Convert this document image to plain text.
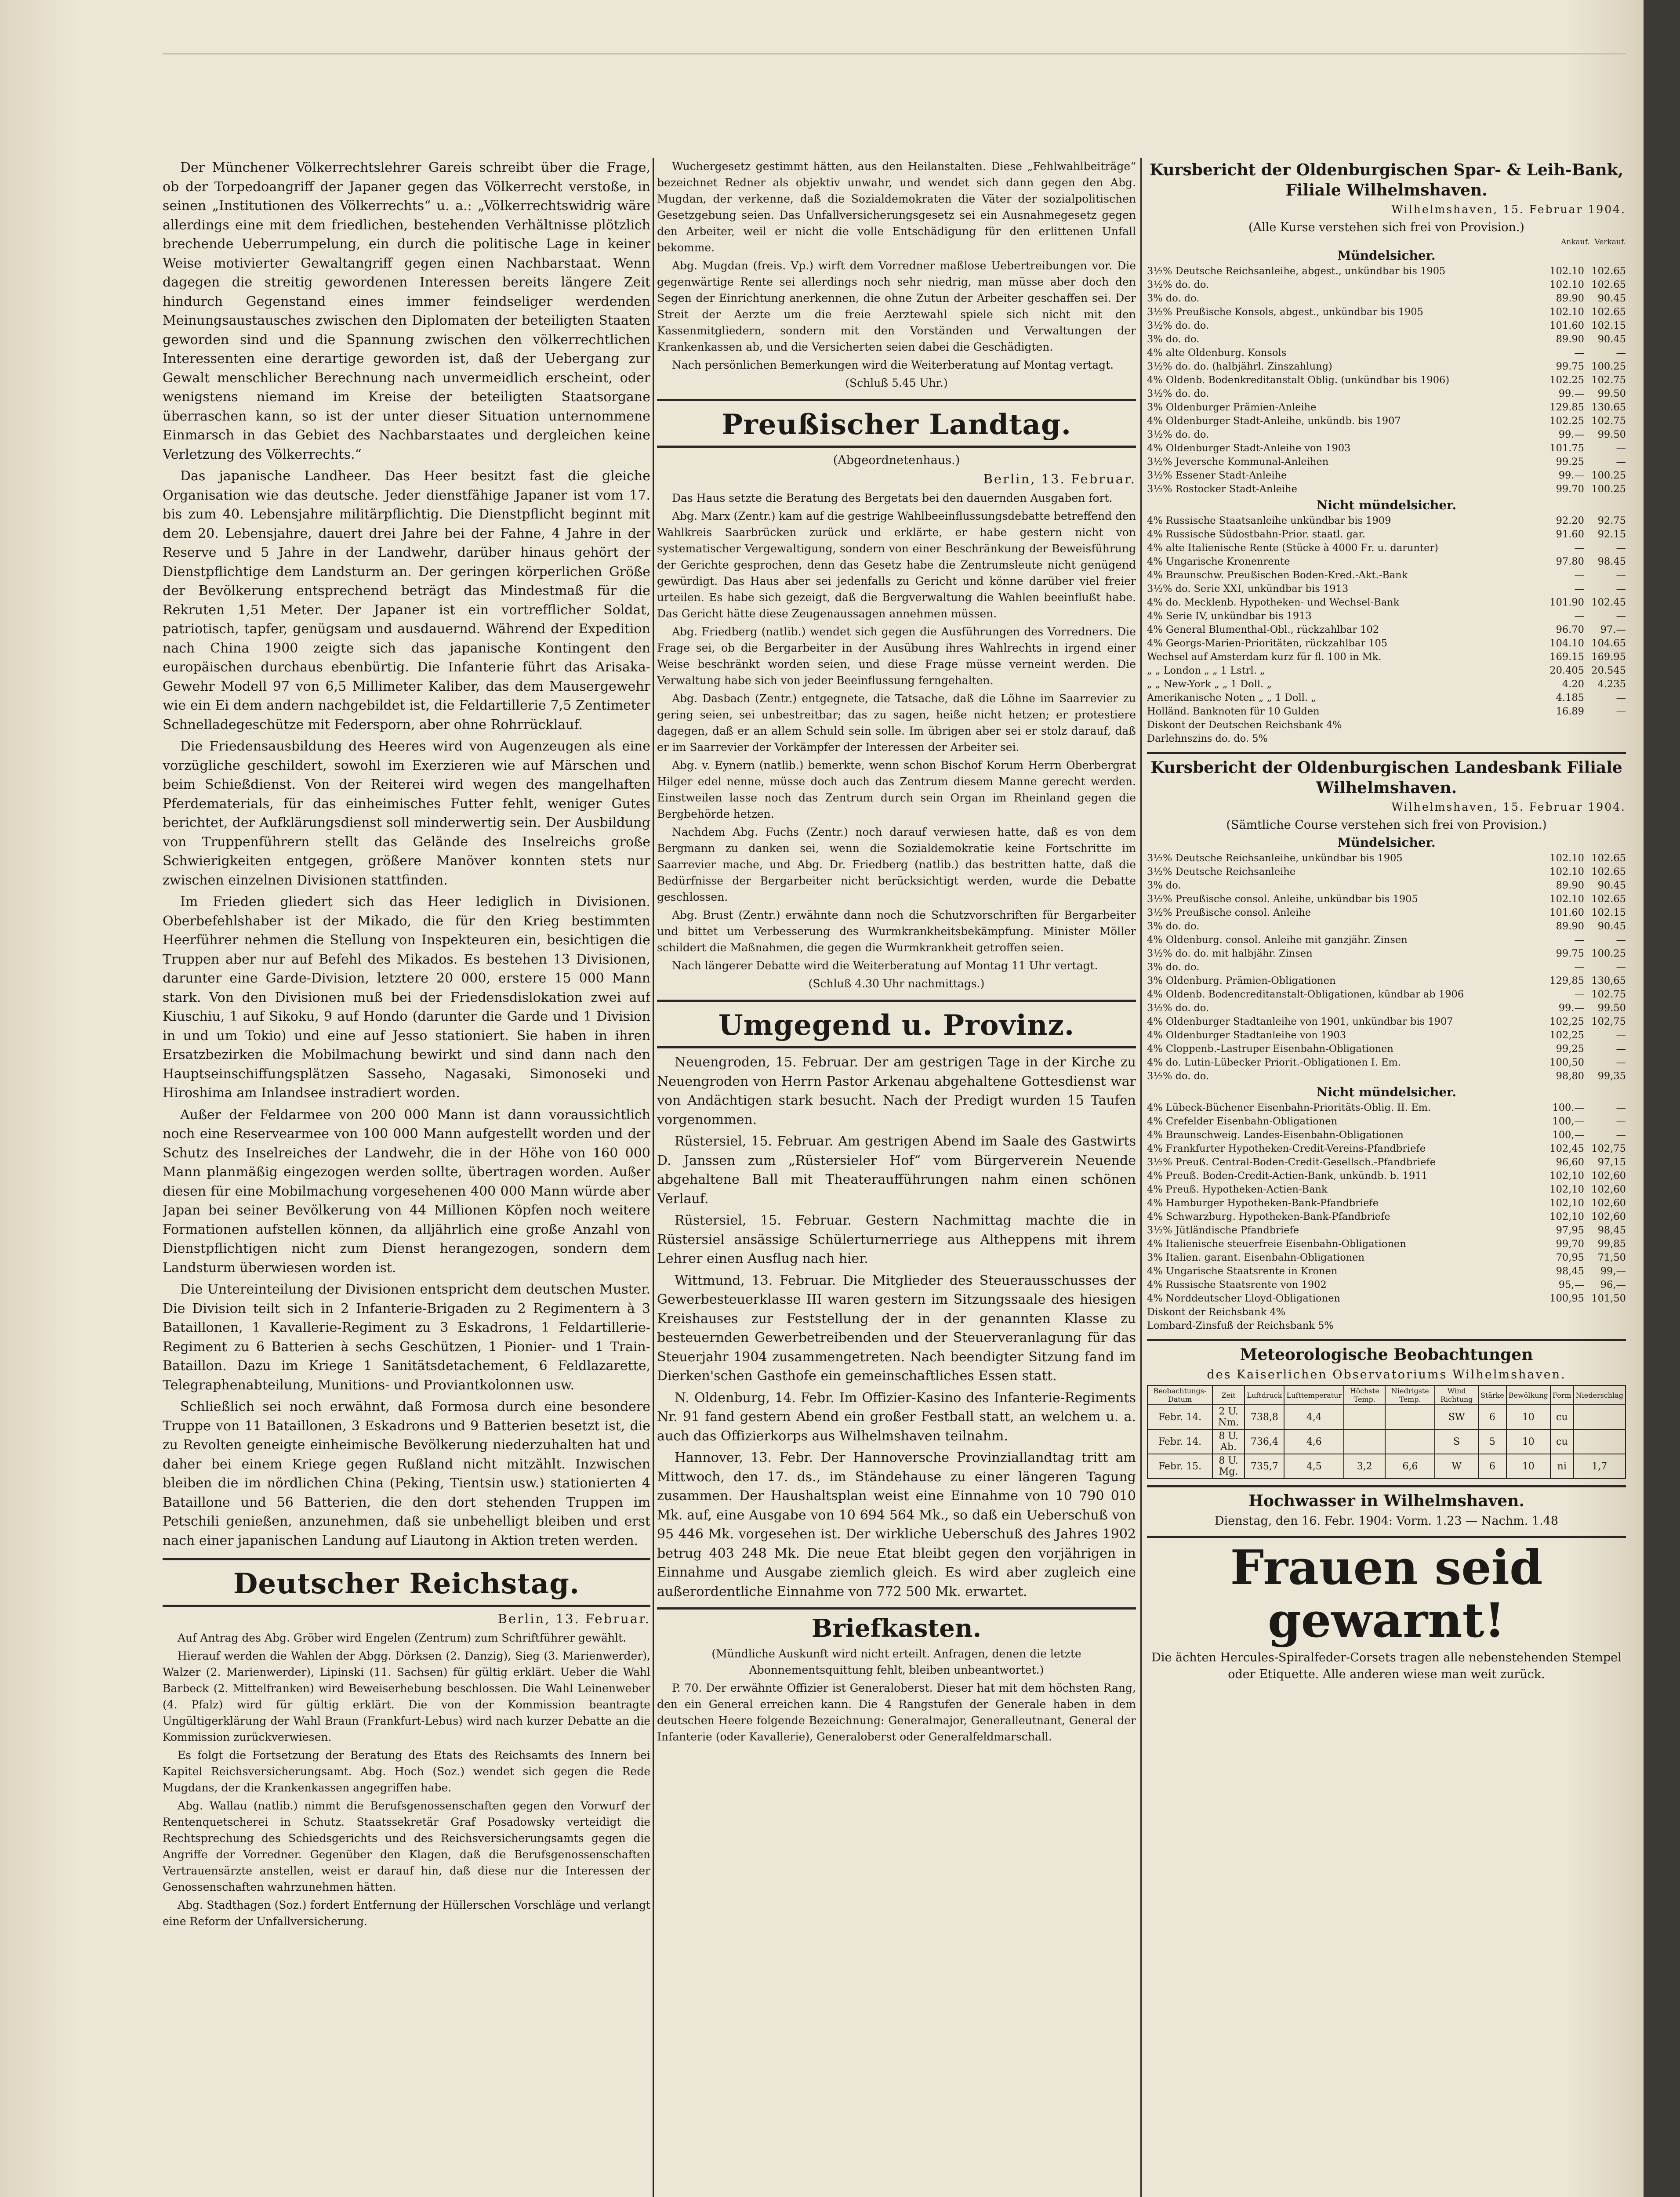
Der Münchener Völkerrechtslehrer Gareis schreibt über die Frage, ob der Torpedoangriff der Japaner gegen das Völkerrecht verstoße, in seinen „Institutionen des Völkerrechts“ u. a.: „Völkerrechtswidrig wäre allerdings eine mit dem friedlichen, bestehenden Verhältnisse plötzlich brechende Ueberrumpelung, ein durch die politische Lage in keiner Weise motivierter Gewaltangriff gegen einen Nachbarstaat. Wenn dagegen die streitig gewordenen Interessen bereits längere Zeit hindurch Gegenstand eines immer feindseliger werdenden Meinungsaustausches zwischen den Diplomaten der beteiligten Staaten geworden sind und die Spannung zwischen den völkerrechtlichen Interessenten eine derartige geworden ist, daß der Uebergang zur Gewalt menschlicher Berechnung nach unvermeidlich erscheint, oder wenigstens niemand im Kreise der beteiligten Staatsorgane überraschen kann, so ist der unter dieser Situation unternommene Einmarsch in das Gebiet des Nachbarstaates und dergleichen keine Verletzung des Völkerrechts.“

Das japanische Landheer. Das Heer besitzt fast die gleiche Organisation wie das deutsche. Jeder dienstfähige Japaner ist vom 17. bis zum 40. Lebensjahre militärpflichtig. Die Dienstpflicht beginnt mit dem 20. Lebensjahre, dauert drei Jahre bei der Fahne, 4 Jahre in der Reserve und 5 Jahre in der Landwehr, darüber hinaus gehört der Dienstpflichtige dem Landsturm an. Der geringen körperlichen Größe der Bevölkerung entsprechend beträgt das Mindestmaß für die Rekruten 1,51 Meter. Der Japaner ist ein vortrefflicher Soldat, patriotisch, tapfer, genügsam und ausdauernd. Während der Expedition nach China 1900 zeigte sich das japanische Kontingent den europäischen durchaus ebenbürtig. Die Infanterie führt das Arisaka-Gewehr Modell 97 von 6,5 Millimeter Kaliber, das dem Mausergewehr wie ein Ei dem andern nachgebildet ist, die Feldartillerie 7,5 Zentimeter Schnelladegeschütze mit Federsporn, aber ohne Rohrrücklauf.

Die Friedensausbildung des Heeres wird von Augenzeugen als eine vorzügliche geschildert, sowohl im Exerzieren wie auf Märschen und beim Schießdienst. Von der Reiterei wird wegen des mangelhaften Pferdematerials, für das einheimisches Futter fehlt, weniger Gutes berichtet, der Aufklärungsdienst soll minderwertig sein. Der Ausbildung von Truppenführern stellt das Gelände des Inselreichs große Schwierigkeiten entgegen, größere Manöver konnten stets nur zwischen einzelnen Divisionen stattfinden.

Im Frieden gliedert sich das Heer lediglich in Divisionen. Oberbefehlshaber ist der Mikado, die für den Krieg bestimmten Heerführer nehmen die Stellung von Inspekteuren ein, besichtigen die Truppen aber nur auf Befehl des Mikados. Es bestehen 13 Divisionen, darunter eine Garde-Division, letztere 20 000, erstere 15 000 Mann stark. Von den Divisionen muß bei der Friedensdislokation zwei auf Kiuschiu, 1 auf Sikoku, 9 auf Hondo (darunter die Garde und 1 Division in und um Tokio) und eine auf Jesso stationiert. Sie haben in ihren Ersatzbezirken die Mobilmachung bewirkt und sind dann nach den Hauptseinschiffungsplätzen Sasseho, Nagasaki, Simonoseki und Hiroshima am Inlandsee instradiert worden.

Außer der Feldarmee von 200 000 Mann ist dann voraussichtlich noch eine Reservearmee von 100 000 Mann aufgestellt worden und der Schutz des Inselreiches der Landwehr, die in der Höhe von 160 000 Mann planmäßig eingezogen werden sollte, übertragen worden. Außer diesen für eine Mobilmachung vorgesehenen 400 000 Mann würde aber Japan bei seiner Bevölkerung von 44 Millionen Köpfen noch weitere Formationen aufstellen können, da alljährlich eine große Anzahl von Dienstpflichtigen nicht zum Dienst herangezogen, sondern dem Landsturm überwiesen worden ist.

Die Untereinteilung der Divisionen entspricht dem deutschen Muster. Die Division teilt sich in 2 Infanterie-Brigaden zu 2 Regimentern à 3 Bataillonen, 1 Kavallerie-Regiment zu 3 Eskadrons, 1 Feldartillerie-Regiment zu 6 Batterien à sechs Geschützen, 1 Pionier- und 1 Train-Bataillon. Dazu im Kriege 1 Sanitätsdetachement, 6 Feldlazarette, Telegraphenabteilung, Munitions- und Proviantkolonnen usw.

Schließlich sei noch erwähnt, daß Formosa durch eine besondere Truppe von 11 Bataillonen, 3 Eskadrons und 9 Batterien besetzt ist, die zu Revolten geneigte einheimische Bevölkerung niederzuhalten hat und daher bei einem Kriege gegen Rußland nicht mitzählt. Inzwischen bleiben die im nördlichen China (Peking, Tientsin usw.) stationierten 4 Bataillone und 56 Batterien, die den dort stehenden Truppen im Petschili genießen, anzunehmen, daß sie unbehelligt bleiben und erst nach einer japanischen Landung auf Liautong in Aktion treten werden.

Deutscher Reichstag.
Berlin, 13. Februar.

Auf Antrag des Abg. Gröber wird Engelen (Zentrum) zum Schriftführer gewählt.

Hierauf werden die Wahlen der Abgg. Dörksen (2. Danzig), Sieg (3. Marienwerder), Walzer (2. Marienwerder), Lipinski (11. Sachsen) für gültig erklärt. Ueber die Wahl Barbeck (2. Mittelfranken) wird Beweiserhebung beschlossen. Die Wahl Leinenweber (4. Pfalz) wird für gültig erklärt. Die von der Kommission beantragte Ungültigerklärung der Wahl Braun (Frankfurt-Lebus) wird nach kurzer Debatte an die Kommission zurückverwiesen.

Es folgt die Fortsetzung der Beratung des Etats des Reichsamts des Innern bei Kapitel Reichsversicherungsamt. Abg. Hoch (Soz.) wendet sich gegen die Rede Mugdans, der die Krankenkassen angegriffen habe.

Abg. Wallau (natlib.) nimmt die Berufsgenossenschaften gegen den Vorwurf der Rentenquetscherei in Schutz. Staatssekretär Graf Posadowsky verteidigt die Rechtsprechung des Schiedsgerichts und des Reichsversicherungsamts gegen die Angriffe der Vorredner. Gegenüber den Klagen, daß die Berufsgenossenschaften Vertrauensärzte anstellen, weist er darauf hin, daß diese nur die Interessen der Genossenschaften wahrzunehmen hätten.

Abg. Stadthagen (Soz.) fordert Entfernung der Hüllerschen Vorschläge und verlangt eine Reform der Unfallversicherung.

Wuchergesetz gestimmt hätten, aus den Heilanstalten. Diese „Fehlwahlbeiträge“ bezeichnet Redner als objektiv unwahr, und wendet sich dann gegen den Abg. Mugdan, der verkenne, daß die Sozialdemokraten die Väter der sozialpolitischen Gesetzgebung seien. Das Unfallversicherungsgesetz sei ein Ausnahmegesetz gegen den Arbeiter, weil er nicht die volle Entschädigung für den erlittenen Unfall bekomme.

Abg. Mugdan (freis. Vp.) wirft dem Vorredner maßlose Uebertreibungen vor. Die gegenwärtige Rente sei allerdings noch sehr niedrig, man müsse aber doch den Segen der Einrichtung anerkennen, die ohne Zutun der Arbeiter geschaffen sei. Der Streit der Aerzte um die freie Aerztewahl spiele sich nicht mit den Kassenmitgliedern, sondern mit den Vorständen und Verwaltungen der Krankenkassen ab, und die Versicherten seien dabei die Geschädigten.

Nach persönlichen Bemerkungen wird die Weiterberatung auf Montag vertagt.

(Schluß 5.45 Uhr.)

Preußischer Landtag.
(Abgeordnetenhaus.)
Berlin, 13. Februar.

Das Haus setzte die Beratung des Bergetats bei den dauernden Ausgaben fort.

Abg. Marx (Zentr.) kam auf die gestrige Wahlbeeinflussungsdebatte betreffend den Wahlkreis Saarbrücken zurück und erklärte, er habe gestern nicht von systematischer Vergewaltigung, sondern von einer Beschränkung der Beweisführung der Gerichte gesprochen, denn das Gesetz habe die Zentrumsleute nicht genügend gewürdigt. Das Haus aber sei jedenfalls zu Gericht und könne darüber viel freier urteilen. Es habe sich gezeigt, daß die Bergverwaltung die Wahlen beeinflußt habe. Das Gericht hätte diese Zeugenaussagen annehmen müssen.

Abg. Friedberg (natlib.) wendet sich gegen die Ausführungen des Vorredners. Die Frage sei, ob die Bergarbeiter in der Ausübung ihres Wahlrechts in irgend einer Weise beschränkt worden seien, und diese Frage müsse verneint werden. Die Verwaltung habe sich von jeder Beeinflussung ferngehalten.

Abg. Dasbach (Zentr.) entgegnete, die Tatsache, daß die Löhne im Saarrevier zu gering seien, sei unbestreitbar; das zu sagen, heiße nicht hetzen; er protestiere dagegen, daß er an allem Schuld sein solle. Im übrigen aber sei er stolz darauf, daß er im Saarrevier der Vorkämpfer der Interessen der Arbeiter sei.

Abg. v. Eynern (natlib.) bemerkte, wenn schon Bischof Korum Herrn Oberbergrat Hilger edel nenne, müsse doch auch das Zentrum diesem Manne gerecht werden. Einstweilen lasse noch das Zentrum durch sein Organ im Rheinland gegen die Bergbehörde hetzen.

Nachdem Abg. Fuchs (Zentr.) noch darauf verwiesen hatte, daß es von dem Bergmann zu danken sei, wenn die Sozialdemokratie keine Fortschritte im Saarrevier mache, und Abg. Dr. Friedberg (natlib.) das bestritten hatte, daß die Bedürfnisse der Bergarbeiter nicht berücksichtigt werden, wurde die Debatte geschlossen.

Abg. Brust (Zentr.) erwähnte dann noch die Schutzvorschriften für Bergarbeiter und bittet um Verbesserung des Wurmkrankheitsbekämpfung. Minister Möller schildert die Maßnahmen, die gegen die Wurmkrankheit getroffen seien.

Nach längerer Debatte wird die Weiterberatung auf Montag 11 Uhr vertagt.

(Schluß 4.30 Uhr nachmittags.)

Umgegend u. Provinz.

Neuengroden, 15. Februar. Der am gestrigen Tage in der Kirche zu Neuengroden von Herrn Pastor Arkenau abgehaltene Gottesdienst war von Andächtigen stark besucht. Nach der Predigt wurden 15 Taufen vorgenommen.

Rüstersiel, 15. Februar. Am gestrigen Abend im Saale des Gastwirts D. Janssen zum „Rüstersieler Hof“ vom Bürgerverein Neuende abgehaltene Ball mit Theateraufführungen nahm einen schönen Verlauf.

Rüstersiel, 15. Februar. Gestern Nachmittag machte die in Rüstersiel ansässige Schülerturnerriege aus Altheppens mit ihrem Lehrer einen Ausflug nach hier.

Wittmund, 13. Februar. Die Mitglieder des Steuerausschusses der Gewerbesteuerklasse III waren gestern im Sitzungssaale des hiesigen Kreishauses zur Feststellung der in der genannten Klasse zu besteuernden Gewerbetreibenden und der Steuerveranlagung für das Steuerjahr 1904 zusammengetreten. Nach beendigter Sitzung fand im Dierken'schen Gasthofe ein gemeinschaftliches Essen statt.

N. Oldenburg, 14. Febr. Im Offizier-Kasino des Infanterie-Regiments Nr. 91 fand gestern Abend ein großer Festball statt, an welchem u. a. auch das Offizierkorps aus Wilhelmshaven teilnahm.

Hannover, 13. Febr. Der Hannoversche Provinziallandtag tritt am Mittwoch, den 17. ds., im Ständehause zu einer längeren Tagung zusammen. Der Haushaltsplan weist eine Einnahme von 10 790 010 Mk. auf, eine Ausgabe von 10 694 564 Mk., so daß ein Ueberschuß von 95 446 Mk. vorgesehen ist. Der wirkliche Ueberschuß des Jahres 1902 betrug 403 248 Mk. Die neue Etat bleibt gegen den vorjährigen in Einnahme und Ausgabe ziemlich gleich. Es wird aber zugleich eine außerordentliche Einnahme von 772 500 Mk. erwartet.

Briefkasten.

(Mündliche Auskunft wird nicht erteilt. Anfragen, denen die letzte Abonnementsquittung fehlt, bleiben unbeantwortet.)

P. 70. Der erwähnte Offizier ist Generaloberst. Dieser hat mit dem höchsten Rang, den ein General erreichen kann. Die 4 Rangstufen der Generale haben in dem deutschen Heere folgende Bezeichnung: Generalmajor, Generalleutnant, General der Infanterie (oder Kavallerie), Generaloberst oder Generalfeldmarschall.

Kursbericht der Oldenburgischen Spar- & Leih-Bank, Filiale Wilhelmshaven.
Wilhelmshaven, 15. Februar 1904.
(Alle Kurse verstehen sich frei von Provision.)
Ankauf. Verkauf.
Mündelsicher.
3½% Deutsche Reichsanleihe, abgest., unkündbar bis 1905	102.10	102.65
3½% do. do.	102.10	102.65
3% do. do.	89.90	90.45
3½% Preußische Konsols, abgest., unkündbar bis 1905	102.10	102.65
3½% do. do.	101.60	102.15
3% do. do.	89.90	90.45
4% alte Oldenburg. Konsols	—	—
3½% do. do. (halbjährl. Zinszahlung)	99.75	100.25
4% Oldenb. Bodenkreditanstalt Oblig. (unkündbar bis 1906)	102.25	102.75
3½% do. do.	99.—	99.50
3% Oldenburger Prämien-Anleihe	129.85	130.65
4% Oldenburger Stadt-Anleihe, unkündb. bis 1907	102.25	102.75
3½% do. do.	99.—	99.50
4% Oldenburger Stadt-Anleihe von 1903	101.75	—
3½% Jeversche Kommunal-Anleihen	99.25	—
3½% Essener Stadt-Anleihe	99.—	100.25
3½% Rostocker Stadt-Anleihe	99.70	100.25
Nicht mündelsicher.
4% Russische Staatsanleihe unkündbar bis 1909	92.20	92.75
4% Russische Südostbahn-Prior. staatl. gar.	91.60	92.15
4% alte Italienische Rente (Stücke à 4000 Fr. u. darunter)	—	—
4% Ungarische Kronenrente	97.80	98.45
4% Braunschw. Preußischen Boden-Kred.-Akt.-Bank	—	—
3½% do. Serie XXI, unkündbar bis 1913	—	—
4% do. Mecklenb. Hypotheken- und Wechsel-Bank	101.90	102.45
4% Serie IV, unkündbar bis 1913	—	—
4% General Blumenthal-Obl., rückzahlbar 102	96.70	97.—
4% Georgs-Marien-Prioritäten, rückzahlbar 105	104.10	104.65
Wechsel auf Amsterdam kurz für fl. 100 in Mk.	169.15	169.95
„ „ London „ „ 1 Lstrl. „	20.405	20.545
„ „ New-York „ „ 1 Doll. „	4.20	4.235
Amerikanische Noten „ „ 1 Doll. „	4.185	—
Holländ. Banknoten für 10 Gulden	16.89	—
Diskont der Deutschen Reichsbank 4%		
Darlehnszins do. do. 5%		
Kursbericht der Oldenburgischen Landesbank Filiale Wilhelmshaven.
Wilhelmshaven, 15. Februar 1904.
(Sämtliche Course verstehen sich frei von Provision.)
Mündelsicher.
3½% Deutsche Reichsanleihe, unkündbar bis 1905	102.10	102.65
3½% Deutsche Reichsanleihe	102.10	102.65
3% do.	89.90	90.45
3½% Preußische consol. Anleihe, unkündbar bis 1905	102.10	102.65
3½% Preußische consol. Anleihe	101.60	102.15
3% do. do.	89.90	90.45
4% Oldenburg. consol. Anleihe mit ganzjähr. Zinsen	—	—
3½% do. do. mit halbjähr. Zinsen	99.75	100.25
3% do. do.	—	—
3% Oldenburg. Prämien-Obligationen	129,85	130,65
4% Oldenb. Bodencreditanstalt-Obligationen, kündbar ab 1906	—	102.75
3½% do. do.	99.—	99.50
4% Oldenburger Stadtanleihe von 1901, unkündbar bis 1907	102,25	102,75
4% Oldenburger Stadtanleihe von 1903	102,25	—
4% Cloppenb.-Lastruper Eisenbahn-Obligationen	99,25	—
4% do. Lutin-Lübecker Priorit.-Obligationen I. Em.	100,50	—
3½% do. do.	98,80	99,35
Nicht mündelsicher.
4% Lübeck-Büchener Eisenbahn-Prioritäts-Oblig. II. Em.	100.—	—
4% Crefelder Eisenbahn-Obligationen	100,—	—
4% Braunschweig. Landes-Eisenbahn-Obligationen	100,—	—
4% Frankfurter Hypotheken-Credit-Vereins-Pfandbriefe	102,45	102,75
3½% Preuß. Central-Boden-Credit-Gesellsch.-Pfandbriefe	96,60	97,15
4% Preuß. Boden-Credit-Actien-Bank, unkündb. b. 1911	102,10	102,60
4% Preuß. Hypotheken-Actien-Bank	102,10	102,60
4% Hamburger Hypotheken-Bank-Pfandbriefe	102,10	102,60
4% Schwarzburg. Hypotheken-Bank-Pfandbriefe	102,10	102,60
3½% Jütländische Pfandbriefe	97,95	98,45
4% Italienische steuerfreie Eisenbahn-Obligationen	99,70	99,85
3% Italien. garant. Eisenbahn-Obligationen	70,95	71,50
4% Ungarische Staatsrente in Kronen	98,45	99,—
4% Russische Staatsrente von 1902	95,—	96,—
4% Norddeutscher Lloyd-Obligationen	100,95	101,50
Diskont der Reichsbank 4%		
Lombard-Zinsfuß der Reichsbank 5%		
Meteorologische Beobachtungen
des Kaiserlichen Observatoriums Wilhelmshaven.
Beobachtungs-Datum	Zeit	Luftdruck	Lufttemperatur	Höchste Temp.	Niedrigste Temp.	Wind Richtung	Stärke	Bewölkung	Form	Niederschlag
Febr. 14.	2 U. Nm.	738,8	4,4			SW	6	10	cu	
Febr. 14.	8 U. Ab.	736,4	4,6			S	5	10	cu	
Febr. 15.	8 U. Mg.	735,7	4,5	3,2	6,6	W	6	10	ni	1,7
Hochwasser in Wilhelmshaven.
Dienstag, den 16. Febr. 1904: Vorm. 1.23 — Nachm. 1.48
Frauen seid gewarnt!
Die ächten Hercules-Spiralfeder-Corsets tragen alle nebenstehenden Stempel oder Etiquette. Alle anderen wiese man weit zurück.
